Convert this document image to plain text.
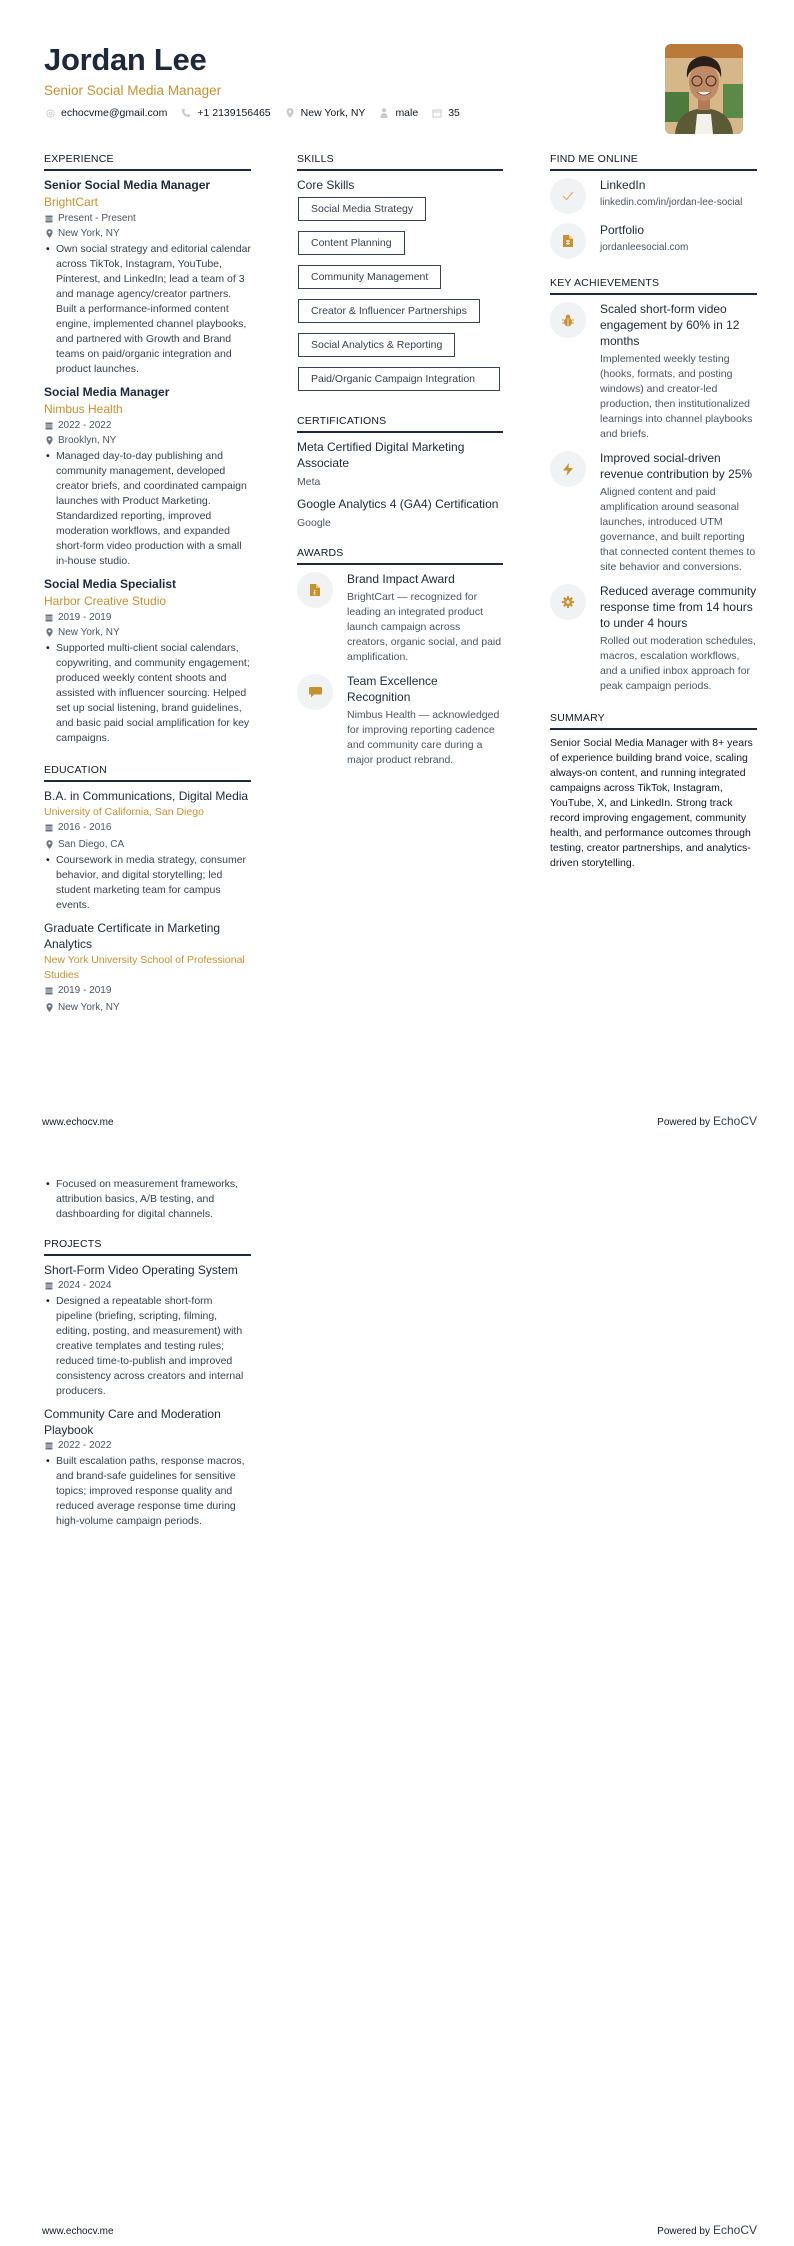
Jordan Lee
Senior Social Media Manager
echocvme@gmail.com	+1 2139156465	New York, NY	male	35
EXPERIENCE
Senior Social Media Manager
BrightCart
Present - Present
New York, NY
• Own social strategy and editorial calendar across TikTok, Instagram, YouTube, Pinterest, and LinkedIn; lead a team of 3 and manage agency/creator partners. Built a performance-informed content engine, implemented channel playbooks, and partnered with Growth and Brand teams on paid/organic integration and product launches.
Social Media Manager
Nimbus Health
2022 - 2022
Brooklyn, NY
• Managed day-to-day publishing and community management, developed creator briefs, and coordinated campaign launches with Product Marketing. Standardized reporting, improved moderation workflows, and expanded short-form video production with a small in-house studio.
Social Media Specialist
Harbor Creative Studio
2019 - 2019
New York, NY
• Supported multi-client social calendars, copywriting, and community engagement; produced weekly content shoots and assisted with influencer sourcing. Helped set up social listening, brand guidelines, and basic paid social amplification for key campaigns.
EDUCATION
B.A. in Communications, Digital Media
University of California, San Diego
2016 - 2016
San Diego, CA
• Coursework in media strategy, consumer behavior, and digital storytelling; led student marketing team for campus events.
Graduate Certificate in Marketing Analytics
New York University School of Professional Studies
2019 - 2019
New York, NY
SKILLS
Core Skills
Social Media Strategy
Content Planning
Community Management
Creator & Influencer Partnerships
Social Analytics & Reporting
Paid/Organic Campaign Integration
CERTIFICATIONS
Meta Certified Digital Marketing Associate
Meta
Google Analytics 4 (GA4) Certification
Google
AWARDS
£
Brand Impact Award
BrightCart — recognized for leading an integrated product launch campaign across creators, organic social, and paid amplification.
Team Excellence Recognition
Nimbus Health — acknowledged for improving reporting cadence and community care during a major product rebrand.
FIND ME ONLINE
LinkedIn
linkedin.com/in/jordan-lee-social
Portfolio
jordanleesocial.com
KEY ACHIEVEMENTS
Scaled short-form video engagement by 60% in 12 months
Implemented weekly testing (hooks, formats, and posting windows) and creator-led production, then institutionalized learnings into channel playbooks and briefs.
Improved social-driven revenue contribution by 25%
Aligned content and paid amplification around seasonal launches, introduced UTM governance, and built reporting that connected content themes to site behavior and conversions.
Reduced average community response time from 14 hours to under 4 hours
Rolled out moderation schedules, macros, escalation workflows, and a unified inbox approach for peak campaign periods.
SUMMARY
Senior Social Media Manager with 8+ years of experience building brand voice, scaling always-on content, and running integrated campaigns across TikTok, Instagram, YouTube, X, and LinkedIn. Strong track record improving engagement, community health, and performance outcomes through testing, creator partnerships, and analytics-driven storytelling.
www.echocv.me	Powered by EchoCV
• Focused on measurement frameworks, attribution basics, A/B testing, and dashboarding for digital channels.
PROJECTS
Short-Form Video Operating System
2024 - 2024
• Designed a repeatable short-form pipeline (briefing, scripting, filming, editing, posting, and measurement) with creative templates and testing rules; reduced time-to-publish and improved consistency across creators and internal producers.
Community Care and Moderation Playbook
2022 - 2022
• Built escalation paths, response macros, and brand-safe guidelines for sensitive topics; improved response quality and reduced average response time during high-volume campaign periods.
www.echocv.me	Powered by EchoCV
